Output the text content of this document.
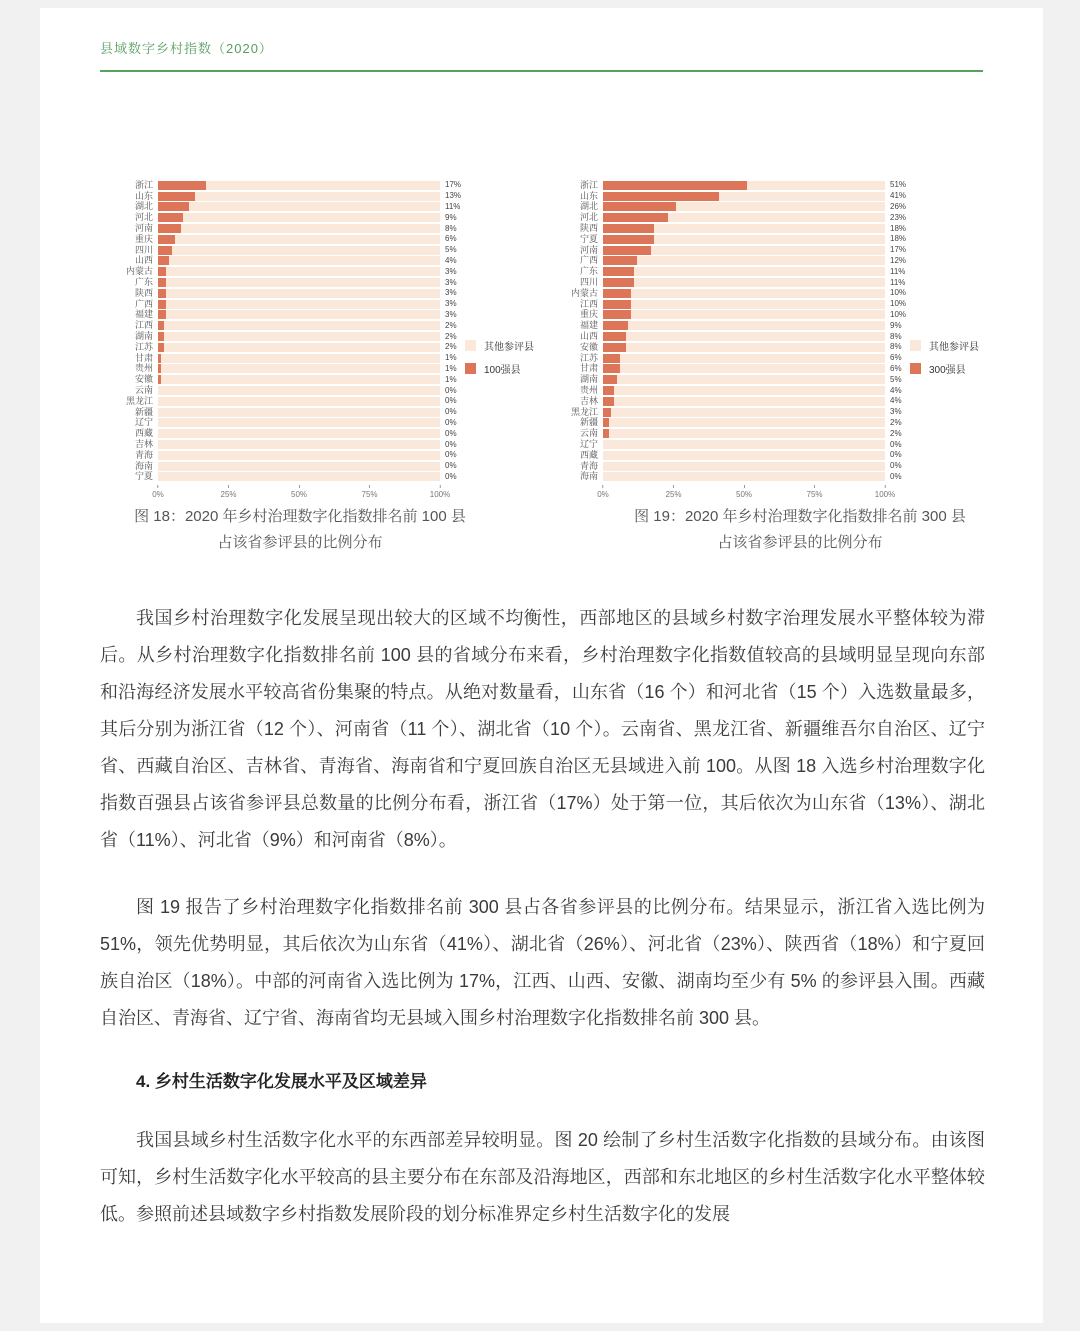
县域数字乡村指数（2020）
浙江	17%
山东	13%
湖北	11%
河北	9%
河南	8%
重庆	6%
四川	5%
山西	4%
内蒙古	3%
广东	3%
陕西	3%
广西	3%
福建	3%
江西	2%
湖南	2%
江苏	2%
甘肃	1%
贵州	1%
安徽	1%
云南	0%
黑龙江	0%
新疆	0%
辽宁	0%
西藏	0%
吉林	0%
青海	0%
海南	0%
宁夏	0%
0%	25%	50%	75%	100%
其他参评县
100强县
浙江	51%
山东	41%
湖北	26%
河北	23%
陕西	18%
宁夏	18%
河南	17%
广西	12%
广东	11%
四川	11%
内蒙古	10%
江西	10%
重庆	10%
福建	9%
山西	8%
安徽	8%
江苏	6%
甘肃	6%
湖南	5%
贵州	4%
吉林	4%
黑龙江	3%
新疆	2%
云南	2%
辽宁	0%
西藏	0%
青海	0%
海南	0%
0%	25%	50%	75%	100%
其他参评县
300强县
图 18：2020 年乡村治理数字化指数排名前 100 县
占该省参评县的比例分布
图 19：2020 年乡村治理数字化指数排名前 300 县
占该省参评县的比例分布

我国乡村治理数字化发展呈现出较大的区域不均衡性，西部地区的县域乡村数字治理发展水平整体较为滞后。从乡村治理数字化指数排名前 100 县的省域分布来看，乡村治理数字化指数值较高的县域明显呈现向东部和沿海经济发展水平较高省份集聚的特点。从绝对数量看，山东省（16 个）和河北省（15 个）入选数量最多，其后分别为浙江省（12 个）、河南省（11 个）、湖北省（10 个）。云南省、黑龙江省、新疆维吾尔自治区、辽宁省、西藏自治区、吉林省、青海省、海南省和宁夏回族自治区无县域进入前 100。从图 18 入选乡村治理数字化指数百强县占该省参评县总数量的比例分布看，浙江省（17%）处于第一位，其后依次为山东省（13%）、湖北省（11%）、河北省（9%）和河南省（8%）。

图 19 报告了乡村治理数字化指数排名前 300 县占各省参评县的比例分布。结果显示，浙江省入选比例为 51%，领先优势明显，其后依次为山东省（41%）、湖北省（26%）、河北省（23%）、陕西省（18%）和宁夏回族自治区（18%）。中部的河南省入选比例为 17%，江西、山西、安徽、湖南均至少有 5% 的参评县入围。西藏自治区、青海省、辽宁省、海南省均无县域入围乡村治理数字化指数排名前 300 县。

4. 乡村生活数字化发展水平及区域差异

我国县域乡村生活数字化水平的东西部差异较明显。图 20 绘制了乡村生活数字化指数的县域分布。由该图可知，乡村生活数字化水平较高的县主要分布在东部及沿海地区，西部和东北地区的乡村生活数字化水平整体较低。参照前述县域数字乡村指数发展阶段的划分标准界定乡村生活数字化的发展
